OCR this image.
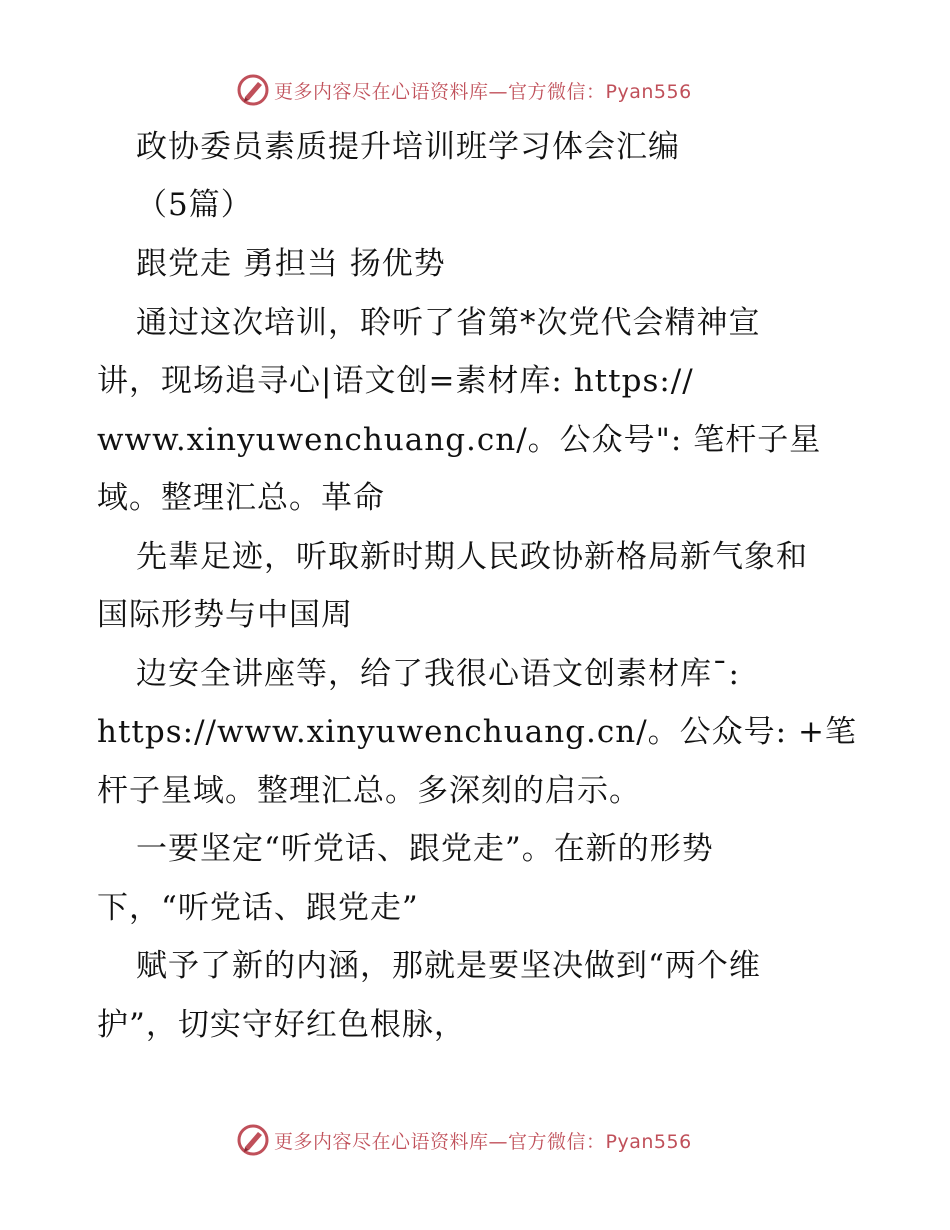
更多内容尽在心语资料库—官方微信：Pyan556
政协委员素质提升培训班学习体会汇编
（5篇）
跟党走 勇担当 扬优势
通过这次培训，聆听了省第*次党代会精神宣
讲，现场追寻心|语文创=素材库: https://
www.xinyuwenchuang.cn/。公众号": 笔杆子星
域。整理汇总。革命
先辈足迹，听取新时期人民政协新格局新气象和
国际形势与中国周
边安全讲座等，给了我很心语文创素材库¯:
https://www.xinyuwenchuang.cn/。公众号: +笔
杆子星域。整理汇总。多深刻的启示。
一要坚定“听党话、跟党走”。在新的形势
下，“听党话、跟党走”
赋予了新的内涵，那就是要坚决做到“两个维
护”，切实守好红色根脉，
更多内容尽在心语资料库—官方微信：Pyan556
